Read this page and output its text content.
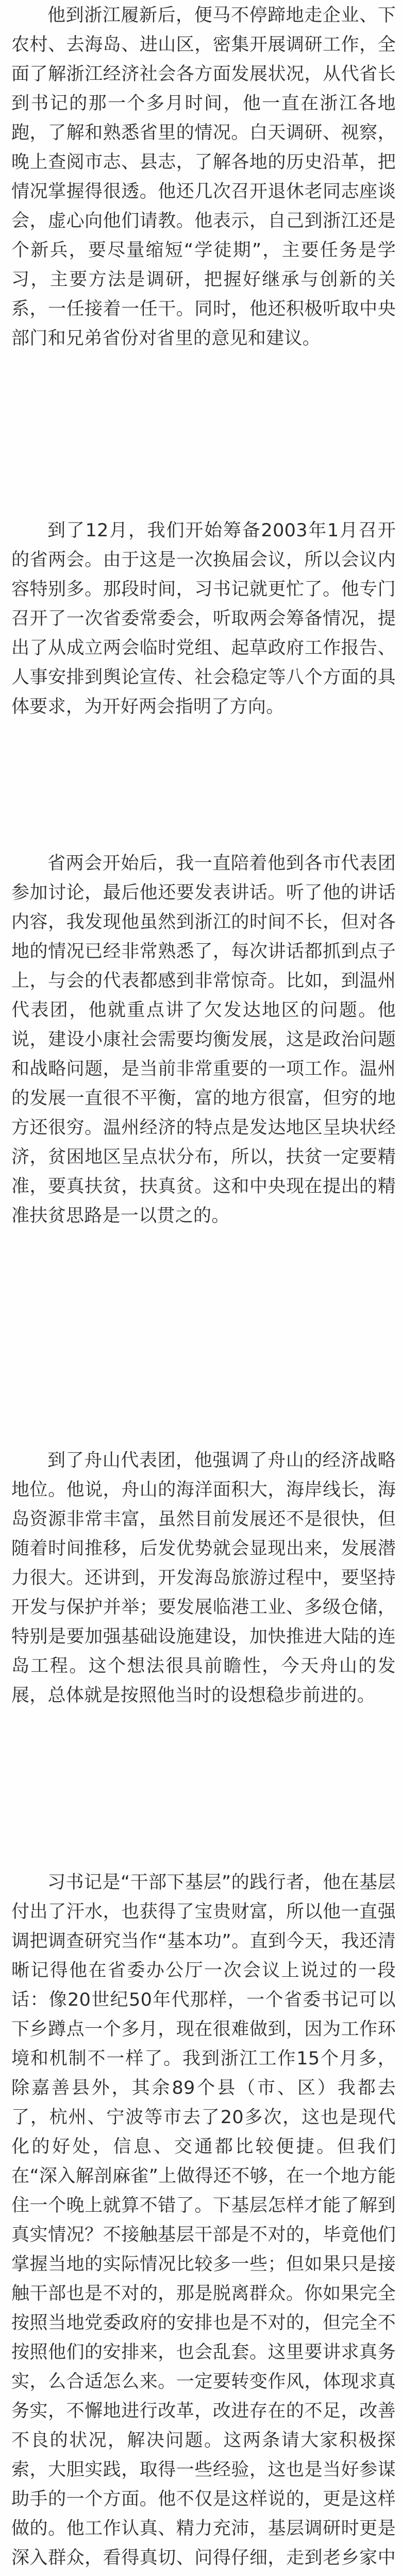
他到浙江履新后，便马不停蹄地走企业、下农村、去海岛、进山区，密集开展调研工作，全面了解浙江经济社会各方面发展状况，从代省长到书记的那一个多月时间，他一直在浙江各地跑，了解和熟悉省里的情况。白天调研、视察，晚上查阅市志、县志，了解各地的历史沿革，把情况掌握得很透。他还几次召开退休老同志座谈会，虚心向他们请教。他表示，自己到浙江还是个新兵，要尽量缩短“学徒期”，主要任务是学习，主要方法是调研，把握好继承与创新的关系，一任接着一任干。同时，他还积极听取中央部门和兄弟省份对省里的意见和建议。

到了12月，我们开始筹备2003年1月召开的省两会。由于这是一次换届会议，所以会议内容特别多。那段时间，习书记就更忙了。他专门召开了一次省委常委会，听取两会筹备情况，提出了从成立两会临时党组、起草政府工作报告、人事安排到舆论宣传、社会稳定等八个方面的具体要求，为开好两会指明了方向。

省两会开始后，我一直陪着他到各市代表团参加讨论，最后他还要发表讲话。听了他的讲话内容，我发现他虽然到浙江的时间不长，但对各地的情况已经非常熟悉了，每次讲话都抓到点子上，与会的代表都感到非常惊奇。比如，到温州代表团，他就重点讲了欠发达地区的问题。他说，建设小康社会需要均衡发展，这是政治问题和战略问题，是当前非常重要的一项工作。温州的发展一直很不平衡，富的地方很富，但穷的地方还很穷。温州经济的特点是发达地区呈块状经济，贫困地区呈点状分布，所以，扶贫一定要精准，要真扶贫，扶真贫。这和中央现在提出的精准扶贫思路是一以贯之的。

到了舟山代表团，他强调了舟山的经济战略地位。他说，舟山的海洋面积大，海岸线长，海岛资源非常丰富，虽然目前发展还不是很快，但随着时间推移，后发优势就会显现出来，发展潜力很大。还讲到，开发海岛旅游过程中，要坚持开发与保护并举；要发展临港工业、多级仓储，特别是要加强基础设施建设，加快推进大陆的连岛工程。这个想法很具前瞻性，今天舟山的发展，总体就是按照他当时的设想稳步前进的。

习书记是“干部下基层”的践行者，他在基层付出了汗水，也获得了宝贵财富，所以他一直强调把调查研究当作“基本功”。直到今天，我还清晰记得他在省委办公厅一次会议上说过的一段话：像20世纪50年代那样，一个省委书记可以下乡蹲点一个多月，现在很难做到，因为工作环境和机制不一样了。我到浙江工作15个月多，除嘉善县外，其余89个县（市、区）我都去了，杭州、宁波等市去了20多次，这也是现代化的好处，信息、交通都比较便捷。但我们在“深入解剖麻雀”上做得还不够，在一个地方能住一个晚上就算不错了。下基层怎样才能了解到真实情况？不接触基层干部是不对的，毕竟他们掌握当地的实际情况比较多一些；但如果只是接触干部也是不对的，那是脱离群众。你如果完全按照当地党委政府的安排也是不对的，但完全不按照他们的安排来，也会乱套。这里要讲求真务实，么合适怎么来。一定要转变作风，体现求真务实，不懈地进行改革，改进存在的不足，改善不良的状况，解决问题。这两条请大家积极探索，大胆实践，取得一些经验，这也是当好参谋助手的一个方面。他不仅是这样说的，更是这样做的。他工作认真、精力充沛，基层调研时更是深入群众，看得真切、问得仔细，走到老乡家中
